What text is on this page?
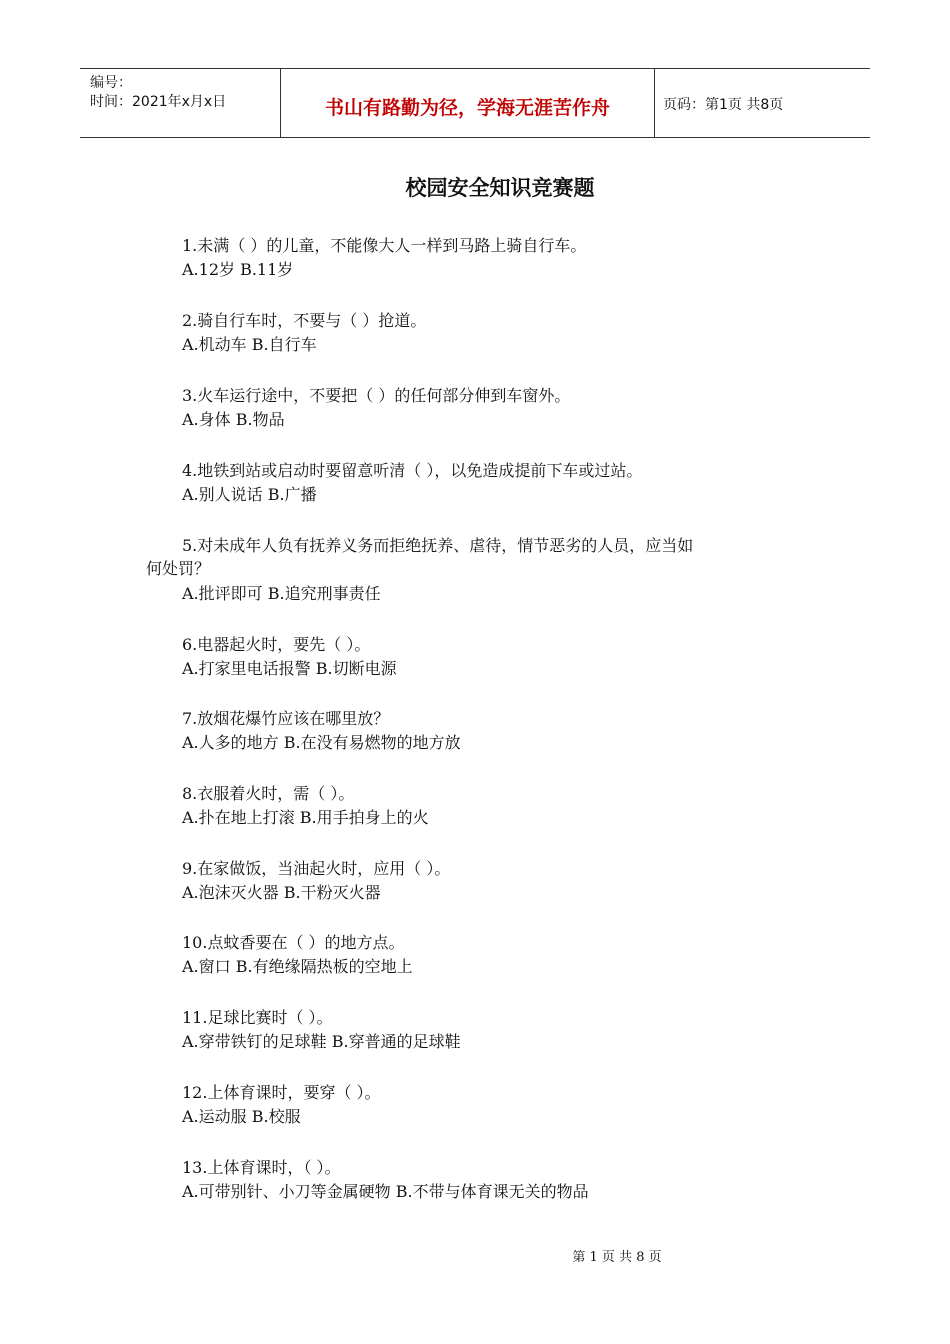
编号：
时间：2021年x月x日	书山有路勤为径，学海无涯苦作舟	页码：第1页 共8页
校园安全知识竞赛题
1.未满（ ）的儿童，不能像大人一样到马路上骑自行车。
A.12岁 B.11岁
2.骑自行车时，不要与（ ）抢道。
A.机动车 B.自行车
3.火车运行途中，不要把（ ）的任何部分伸到车窗外。
A.身体 B.物品
4.地铁到站或启动时要留意听清（ ），以免造成提前下车或过站。
A.别人说话 B.广播
5.对未成年人负有抚养义务而拒绝抚养、虐待，情节恶劣的人员，应当如
何处罚？
A.批评即可 B.追究刑事责任
6.电器起火时，要先（ ）。
A.打家里电话报警 B.切断电源
7.放烟花爆竹应该在哪里放？
A.人多的地方 B.在没有易燃物的地方放
8.衣服着火时，需（ ）。
A.扑在地上打滚 B.用手拍身上的火
9.在家做饭，当油起火时，应用（ ）。
A.泡沫灭火器 B.干粉灭火器
10.点蚊香要在（ ）的地方点。
A.窗口 B.有绝缘隔热板的空地上
11.足球比赛时（ ）。
A.穿带铁钉的足球鞋 B.穿普通的足球鞋
12.上体育课时，要穿（ ）。
A.运动服 B.校服
13.上体育课时，（ ）。
A.可带别针、小刀等金属硬物 B.不带与体育课无关的物品
第 1 页 共 8 页
